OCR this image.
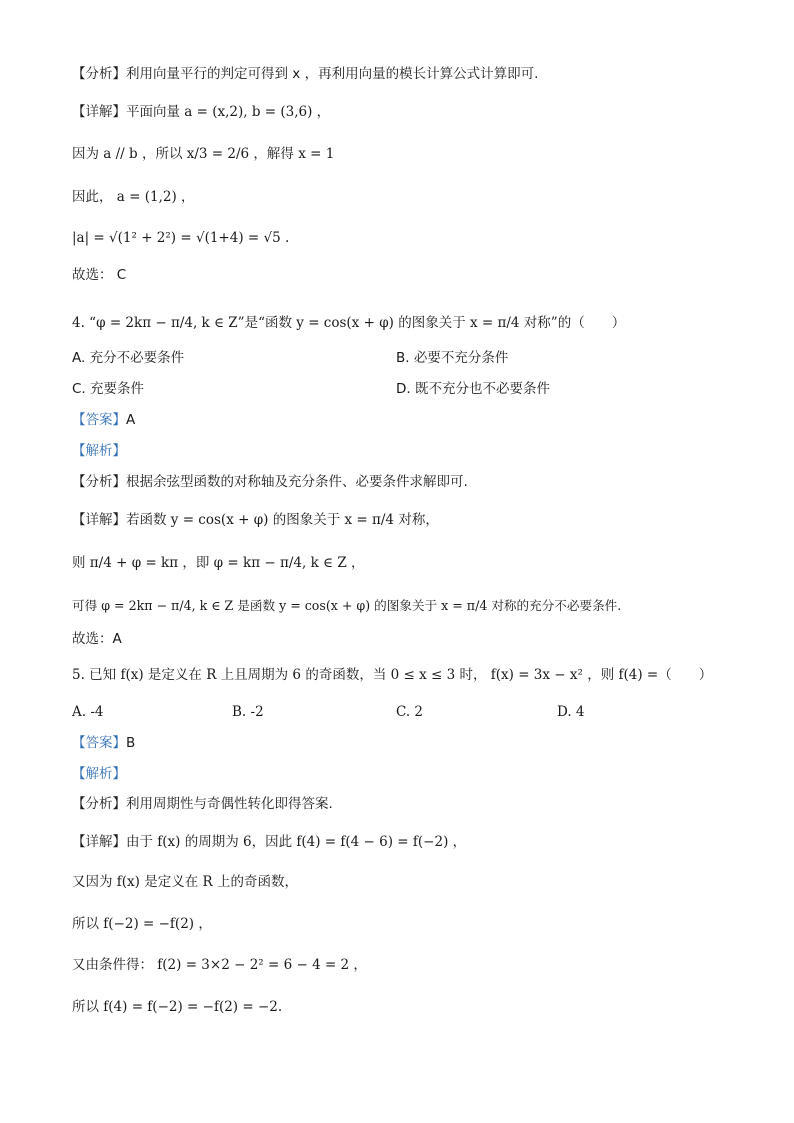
【分析】利用向量平行的判定可得到 x ，再利用向量的模长计算公式计算即可.
【详解】平面向量 a = (x,2), b = (3,6) ，
因为 a // b ，所以 x/3 = 2/6 ，解得 x = 1
因此， a = (1,2) ，
|a| = √(1² + 2²) = √(1+4) = √5 .
故选： C
4. “φ = 2kπ − π/4, k ∈ Z”是“函数 y = cos(x + φ) 的图象关于 x = π/4 对称”的（　　）
A. 充分不必要条件	B. 必要不充分条件
C. 充要条件	D. 既不充分也不必要条件
【答案】A
【解析】
【分析】根据余弦型函数的对称轴及充分条件、必要条件求解即可.
【详解】若函数 y = cos(x + φ) 的图象关于 x = π/4 对称，
则 π/4 + φ = kπ ，即 φ = kπ − π/4, k ∈ Z ，
可得 φ = 2kπ − π/4, k ∈ Z 是函数 y = cos(x + φ) 的图象关于 x = π/4 对称的充分不必要条件.
故选：A
5. 已知 f(x) 是定义在 R 上且周期为 6 的奇函数，当 0 ≤ x ≤ 3 时， f(x) = 3x − x² ，则 f(4) =（　　）
A. -4	B. -2	C. 2	D. 4
【答案】B
【解析】
【分析】利用周期性与奇偶性转化即得答案.
【详解】由于 f(x) 的周期为 6，因此 f(4) = f(4 − 6) = f(−2) ，
又因为 f(x) 是定义在 R 上的奇函数，
所以 f(−2) = −f(2) ，
又由条件得： f(2) = 3×2 − 2² = 6 − 4 = 2 ，
所以 f(4) = f(−2) = −f(2) = −2.
